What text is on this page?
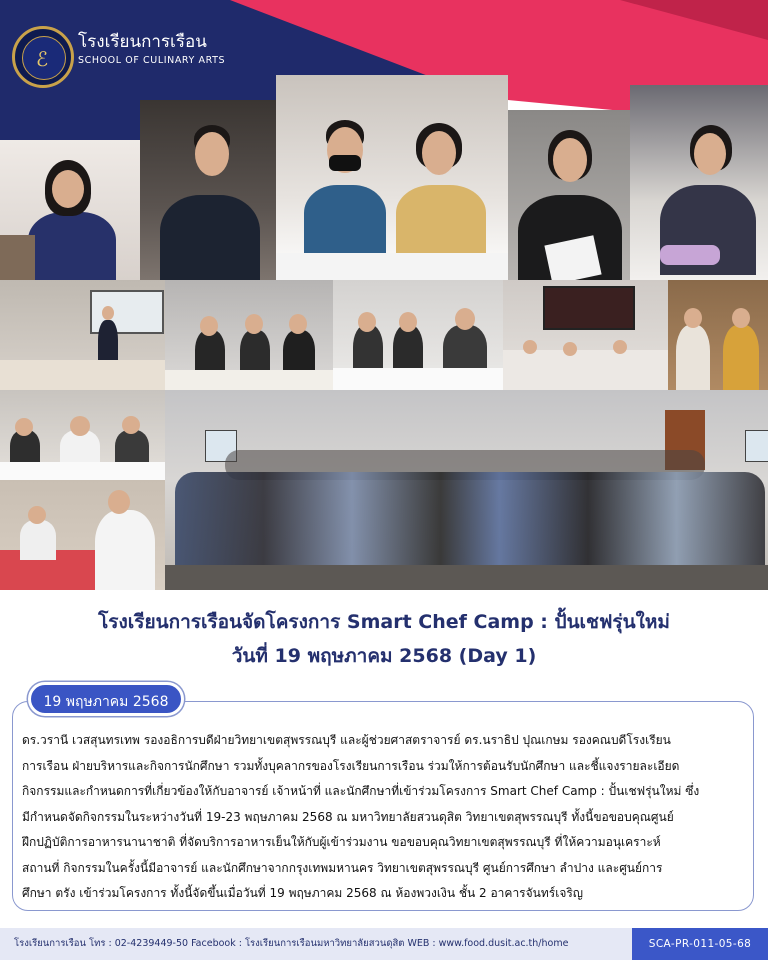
ℰ
โรงเรียนการเรือน
SCHOOL OF CULINARY ARTS
โรงเรียนการเรือนจัดโครงการ Smart Chef Camp : ปั้นเชฟรุ่นใหม่
วันที่ 19 พฤษภาคม 2568 (Day 1)
19 พฤษภาคม 2568
ดร.วรานี เวสสุนทรเทพ รองอธิการบดีฝ่ายวิทยาเขตสุพรรณบุรี และผู้ช่วยศาสตราจารย์ ดร.นราธิป ปุณเกษม รองคณบดีโรงเรียน
การเรือน ฝ่ายบริหารและกิจการนักศึกษา รวมทั้งบุคลากรของโรงเรียนการเรือน ร่วมให้การต้อนรับนักศึกษา และชี้แจงรายละเอียด
กิจกรรมและกำหนดการที่เกี่ยวข้องให้กับอาจารย์ เจ้าหน้าที่ และนักศึกษาที่เข้าร่วมโครงการ Smart Chef Camp : ปั้นเชฟรุ่นใหม่ ซึ่ง
มีกำหนดจัดกิจกรรมในระหว่างวันที่ 19-23 พฤษภาคม 2568 ณ มหาวิทยาลัยสวนดุสิต วิทยาเขตสุพรรณบุรี ทั้งนี้ขอขอบคุณศูนย์
ฝึกปฏิบัติการอาหารนานาชาติ ที่จัดบริการอาหารเย็นให้กับผู้เข้าร่วมงาน ขอขอบคุณวิทยาเขตสุพรรณบุรี ที่ให้ความอนุเคราะห์
สถานที่ กิจกรรมในครั้งนี้มีอาจารย์ และนักศึกษาจากกรุงเทพมหานคร วิทยาเขตสุพรรณบุรี ศูนย์การศึกษา ลำปาง และศูนย์การ
ศึกษา ตรัง เข้าร่วมโครงการ ทั้งนี้จัดขึ้นเมื่อวันที่ 19 พฤษภาคม 2568 ณ ห้องพวงเงิน ชั้น 2 อาคารจันทร์เจริญ
โรงเรียนการเรือน โทร : 02-4239449-50 Facebook : โรงเรียนการเรือนมหาวิทยาลัยสวนดุสิต WEB : www.food.dusit.ac.th/home	SCA-PR-011-05-68
